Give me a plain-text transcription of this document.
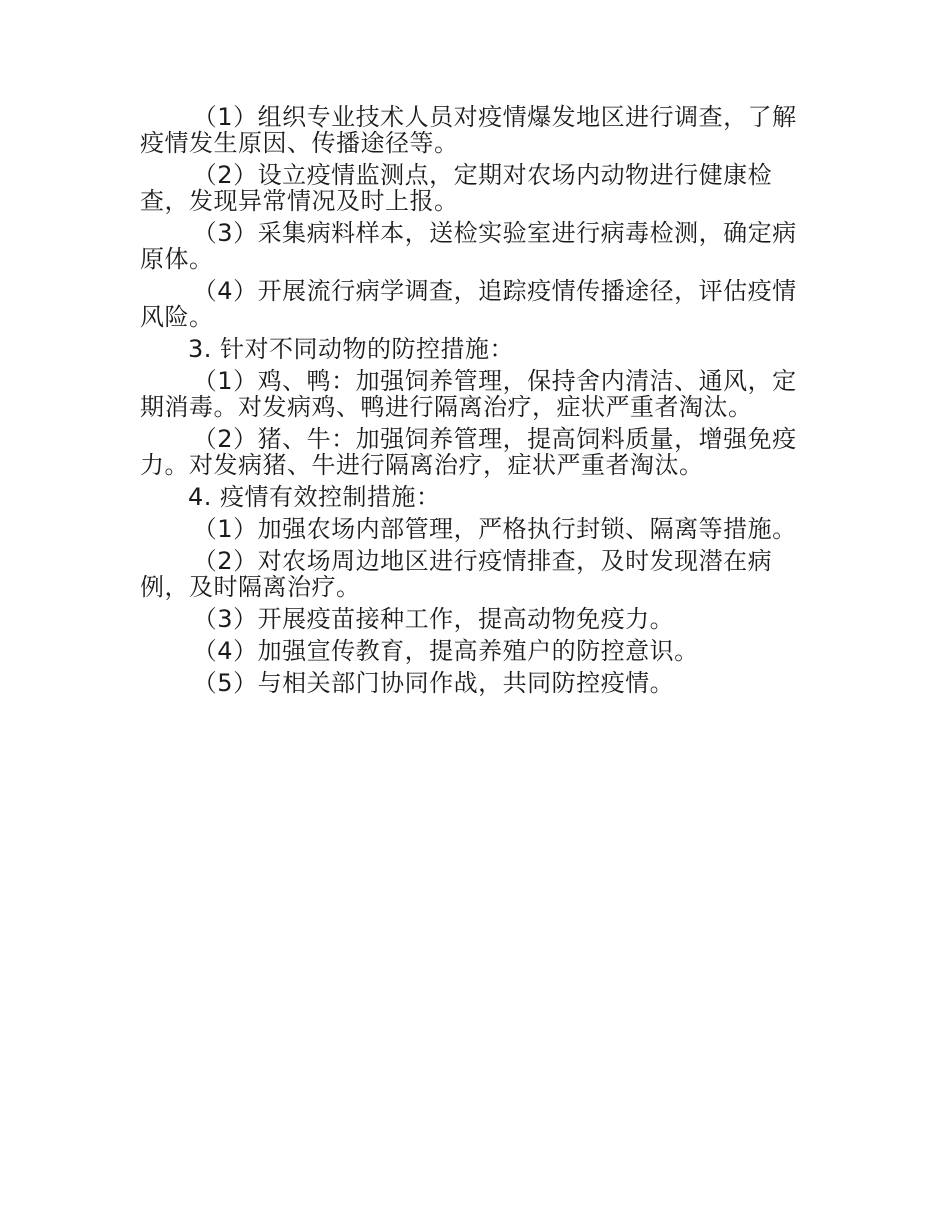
（1）组织专业技术人员对疫情爆发地区进行调查，了解疫情发生原因、传播途径等。

（2）设立疫情监测点，定期对农场内动物进行健康检查，发现异常情况及时上报。

（3）采集病料样本，送检实验室进行病毒检测，确定病原体。

（4）开展流行病学调查，追踪疫情传播途径，评估疫情风险。

3. 针对不同动物的防控措施：

（1）鸡、鸭：加强饲养管理，保持舍内清洁、通风，定期消毒。对发病鸡、鸭进行隔离治疗，症状严重者淘汰。

（2）猪、牛：加强饲养管理，提高饲料质量，增强免疫力。对发病猪、牛进行隔离治疗，症状严重者淘汰。

4. 疫情有效控制措施：

（1）加强农场内部管理，严格执行封锁、隔离等措施。

（2）对农场周边地区进行疫情排查，及时发现潜在病例，及时隔离治疗。

（3）开展疫苗接种工作，提高动物免疫力。

（4）加强宣传教育，提高养殖户的防控意识。

（5）与相关部门协同作战，共同防控疫情。
